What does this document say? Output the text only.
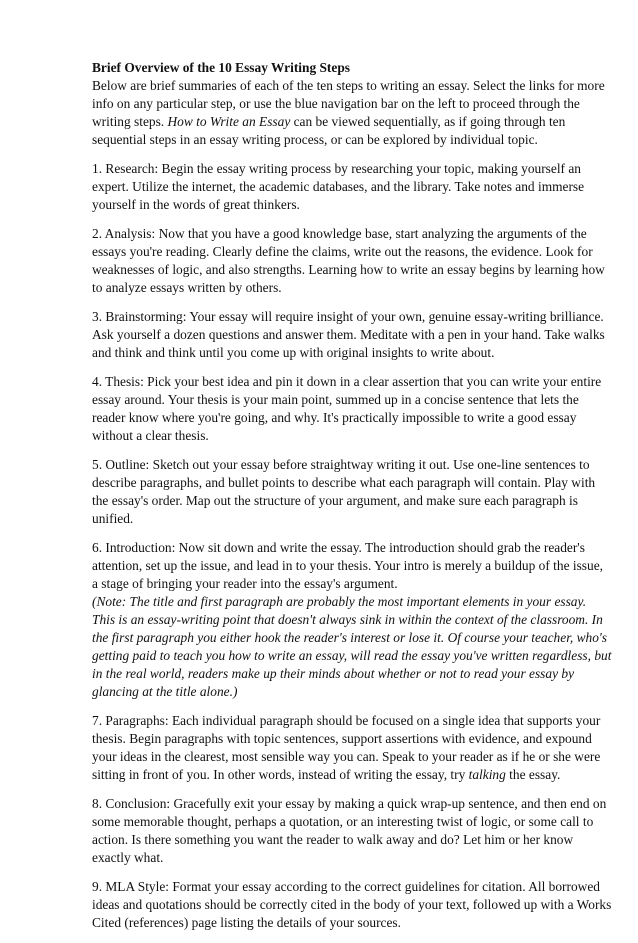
Brief Overview of the 10 Essay Writing Steps
Below are brief summaries of each of the ten steps to writing an essay. Select the links for more
info on any particular step, or use the blue navigation bar on the left to proceed through the
writing steps. How to Write an Essay can be viewed sequentially, as if going through ten
sequential steps in an essay writing process, or can be explored by individual topic.
1. Research: Begin the essay writing process by researching your topic, making yourself an
expert. Utilize the internet, the academic databases, and the library. Take notes and immerse
yourself in the words of great thinkers.
2. Analysis: Now that you have a good knowledge base, start analyzing the arguments of the
essays you're reading. Clearly define the claims, write out the reasons, the evidence. Look for
weaknesses of logic, and also strengths. Learning how to write an essay begins by learning how
to analyze essays written by others.
3. Brainstorming: Your essay will require insight of your own, genuine essay-writing brilliance.
Ask yourself a dozen questions and answer them. Meditate with a pen in your hand. Take walks
and think and think until you come up with original insights to write about.
4. Thesis: Pick your best idea and pin it down in a clear assertion that you can write your entire
essay around. Your thesis is your main point, summed up in a concise sentence that lets the
reader know where you're going, and why. It's practically impossible to write a good essay
without a clear thesis.
5. Outline: Sketch out your essay before straightway writing it out. Use one-line sentences to
describe paragraphs, and bullet points to describe what each paragraph will contain. Play with
the essay's order. Map out the structure of your argument, and make sure each paragraph is
unified.
6. Introduction: Now sit down and write the essay. The introduction should grab the reader's
attention, set up the issue, and lead in to your thesis. Your intro is merely a buildup of the issue,
a stage of bringing your reader into the essay's argument.
(Note: The title and first paragraph are probably the most important elements in your essay.
This is an essay-writing point that doesn't always sink in within the context of the classroom. In
the first paragraph you either hook the reader's interest or lose it. Of course your teacher, who's
getting paid to teach you how to write an essay, will read the essay you've written regardless, but
in the real world, readers make up their minds about whether or not to read your essay by
glancing at the title alone.)
7. Paragraphs: Each individual paragraph should be focused on a single idea that supports your
thesis. Begin paragraphs with topic sentences, support assertions with evidence, and expound
your ideas in the clearest, most sensible way you can. Speak to your reader as if he or she were
sitting in front of you. In other words, instead of writing the essay, try talking the essay.
8. Conclusion: Gracefully exit your essay by making a quick wrap-up sentence, and then end on
some memorable thought, perhaps a quotation, or an interesting twist of logic, or some call to
action. Is there something you want the reader to walk away and do? Let him or her know
exactly what.
9. MLA Style: Format your essay according to the correct guidelines for citation. All borrowed
ideas and quotations should be correctly cited in the body of your text, followed up with a Works
Cited (references) page listing the details of your sources.
